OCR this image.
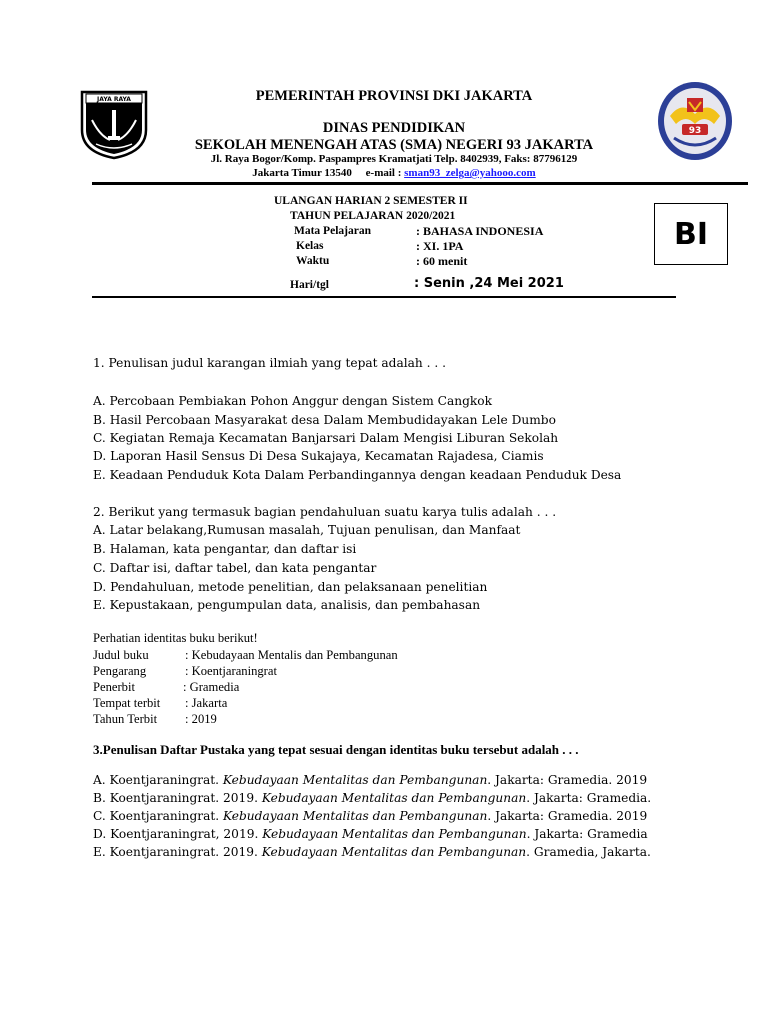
JAYA RAYA
93
PEMERINTAH PROVINSI DKI JAKARTA
DINAS PENDIDIKAN
SEKOLAH MENENGAH ATAS (SMA) NEGERI 93 JAKARTA
Jl. Raya Bogor/Komp. Paspampres Kramatjati Telp. 8402939, Faks: 87796129
Jakarta Timur 13540 e-mail : sman93_zelga@yahooo.com
ULANGAN HARIAN 2 SEMESTER II
TAHUN PELAJARAN 2020/2021
Mata Pelajaran	: BAHASA INDONESIA
Kelas	: XI. 1PA
Waktu	: 60 menit
Hari/tgl	: Senin ,24 Mei 2021
BI
1. Penulisan judul karangan ilmiah yang tepat adalah . . .
A. Percobaan Pembiakan Pohon Anggur dengan Sistem Cangkok
B. Hasil Percobaan Masyarakat desa Dalam Membudidayakan Lele Dumbo
C. Kegiatan Remaja Kecamatan Banjarsari Dalam Mengisi Liburan Sekolah
D. Laporan Hasil Sensus Di Desa Sukajaya, Kecamatan Rajadesa, Ciamis
E. Keadaan Penduduk Kota Dalam Perbandingannya dengan keadaan Penduduk Desa
2. Berikut yang termasuk bagian pendahuluan suatu karya tulis adalah . . .
A. Latar belakang,Rumusan masalah, Tujuan penulisan, dan Manfaat
B. Halaman, kata pengantar, dan daftar isi
C. Daftar isi, daftar tabel, dan kata pengantar
D. Pendahuluan, metode penelitian, dan pelaksanaan penelitian
E. Kepustakaan, pengumpulan data, analisis, dan pembahasan
Perhatian identitas buku berikut!
Judul buku	: Kebudayaan Mentalis dan Pembangunan
Pengarang	: Koentjaraningrat
Penerbit	: Gramedia
Tempat terbit : Jakarta
Tahun Terbit : 2019
3.Penulisan Daftar Pustaka yang tepat sesuai dengan identitas buku tersebut adalah . . .
A. Koentjaraningrat. Kebudayaan Mentalitas dan Pembangunan. Jakarta: Gramedia. 2019
B. Koentjaraningrat. 2019. Kebudayaan Mentalitas dan Pembangunan. Jakarta: Gramedia.
C. Koentjaraningrat. Kebudayaan Mentalitas dan Pembangunan. Jakarta: Gramedia. 2019
D. Koentjaraningrat, 2019. Kebudayaan Mentalitas dan Pembangunan. Jakarta: Gramedia
E. Koentjaraningrat. 2019. Kebudayaan Mentalitas dan Pembangunan. Gramedia, Jakarta.
